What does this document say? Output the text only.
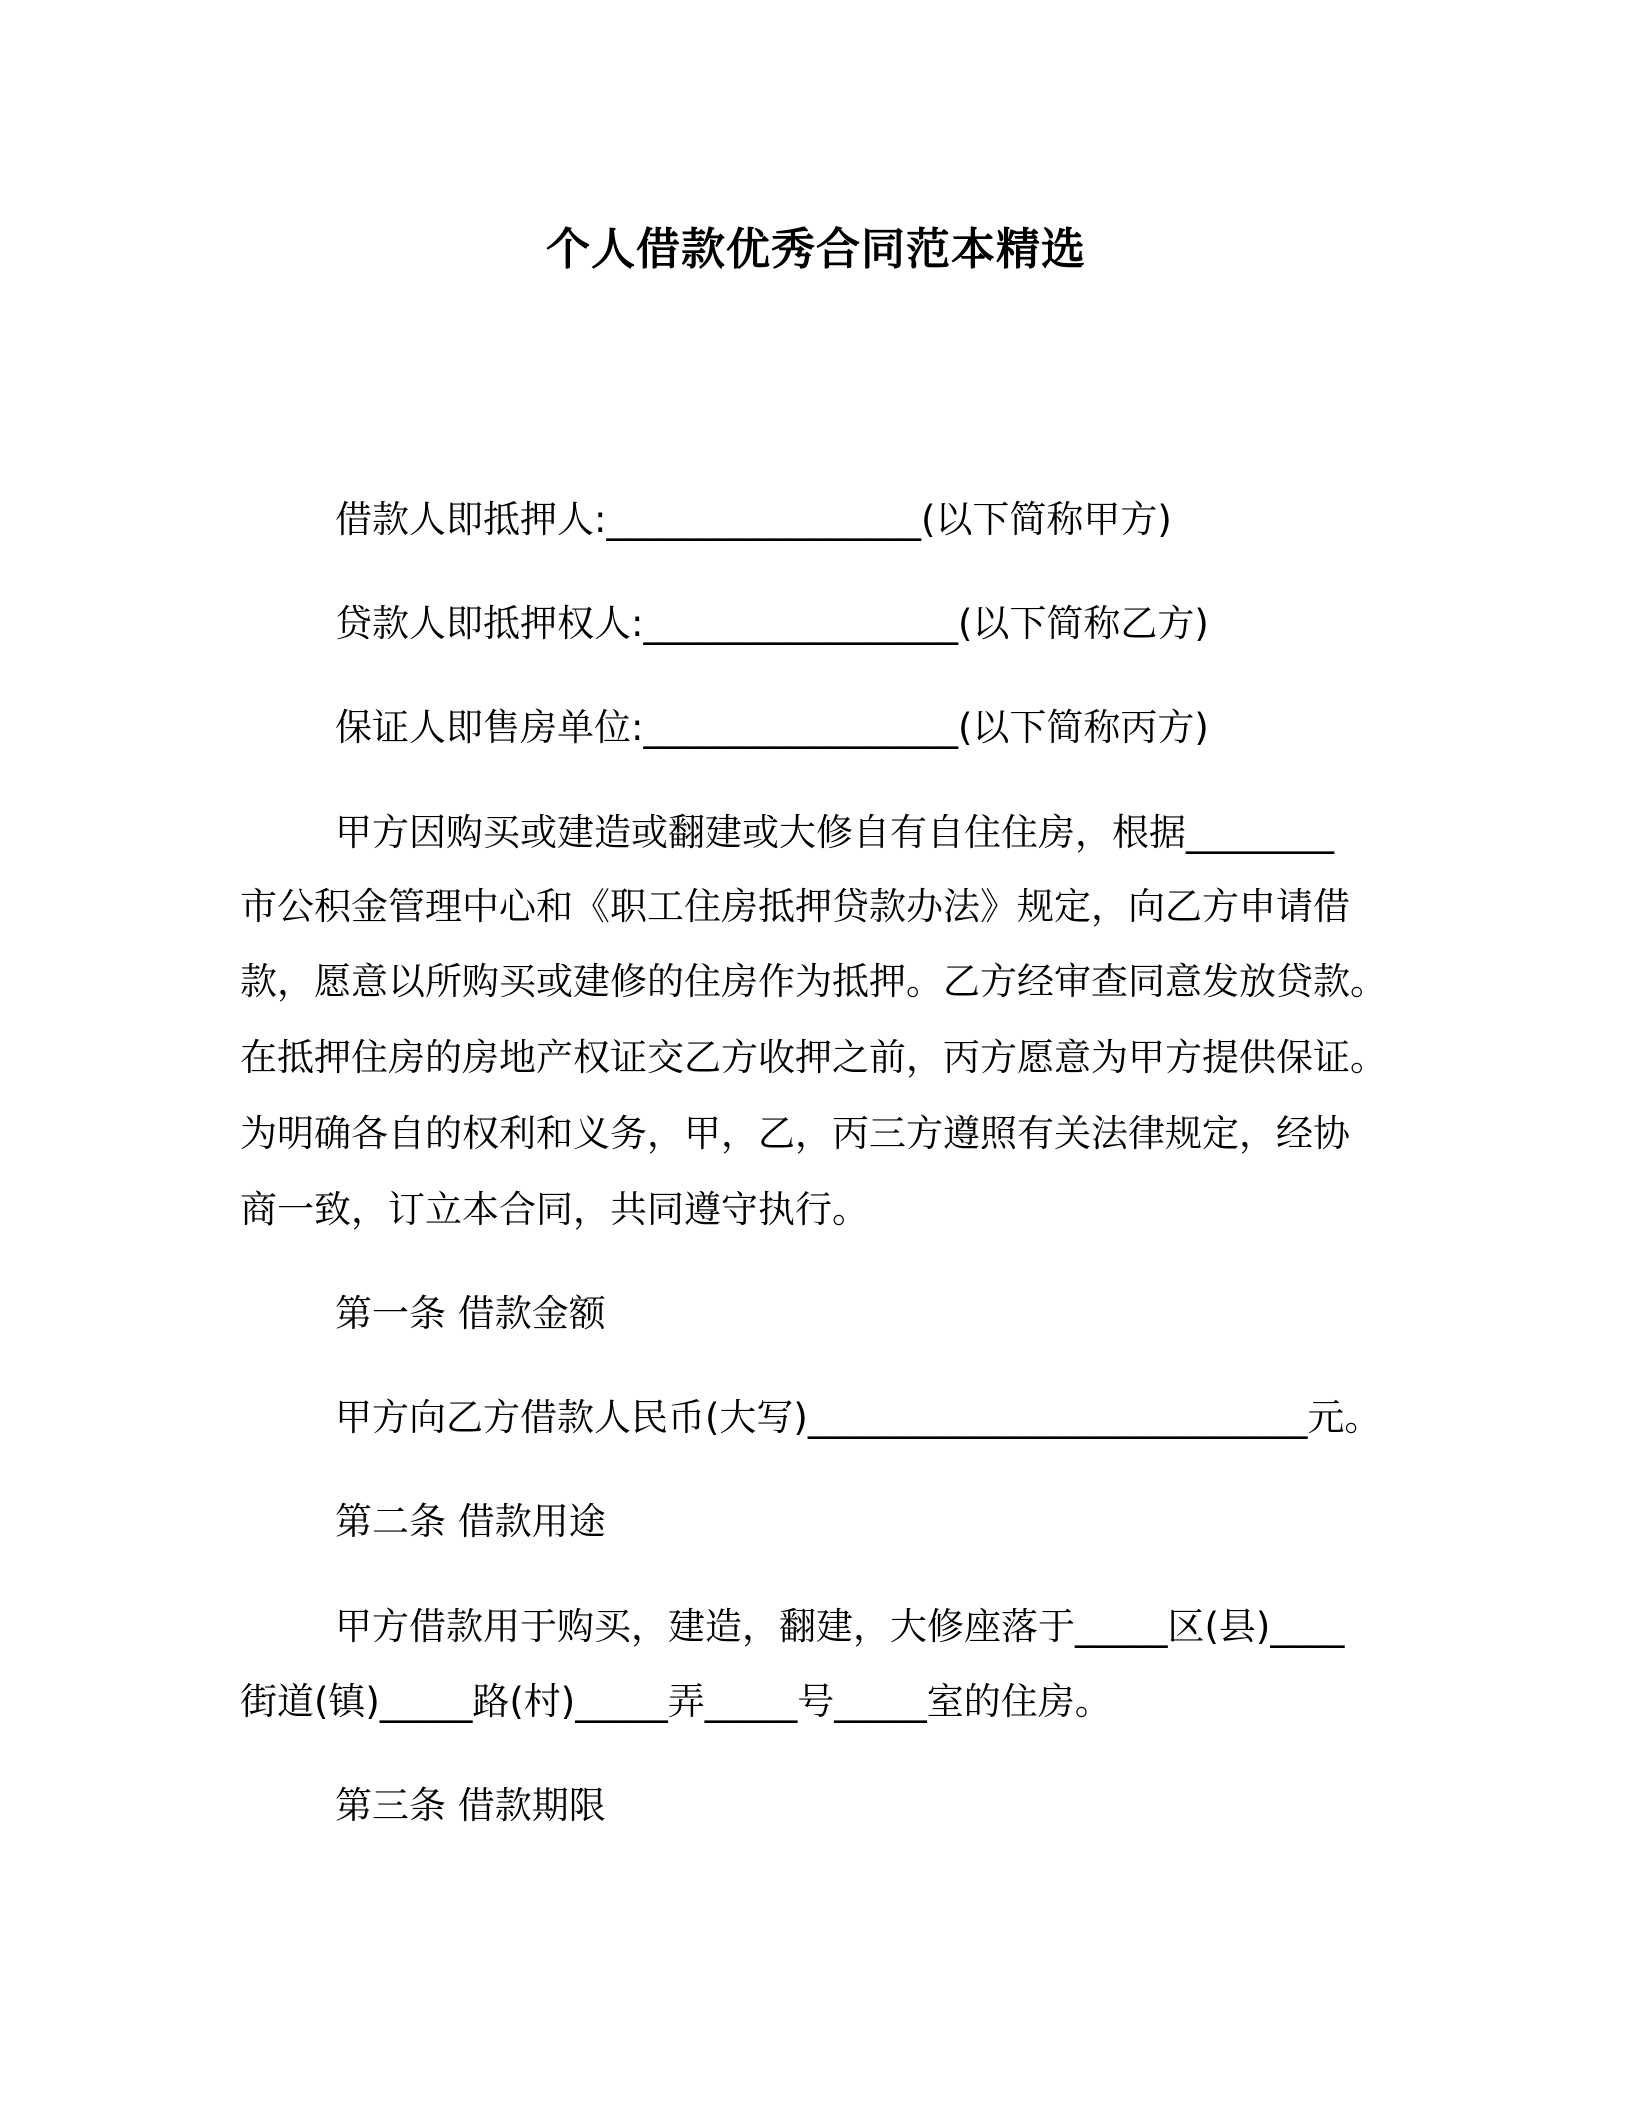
个人借款优秀合同范本精选
借款人即抵押人:_________________(以下简称甲方)
贷款人即抵押权人:_________________(以下简称乙方)
保证人即售房单位:_________________(以下简称丙方)
甲方因购买或建造或翻建或大修自有自住住房，根据________
市公积金管理中心和《职工住房抵押贷款办法》规定，向乙方申请借
款，愿意以所购买或建修的住房作为抵押。乙方经审查同意发放贷款。
在抵押住房的房地产权证交乙方收押之前，丙方愿意为甲方提供保证。
为明确各自的权利和义务，甲，乙，丙三方遵照有关法律规定，经协
商一致，订立本合同，共同遵守执行。
第一条 借款金额
甲方向乙方借款人民币(大写)___________________________元。
第二条 借款用途
甲方借款用于购买，建造，翻建，大修座落于_____区(县)____
街道(镇)_____路(村)_____弄_____号_____室的住房。
第三条 借款期限
